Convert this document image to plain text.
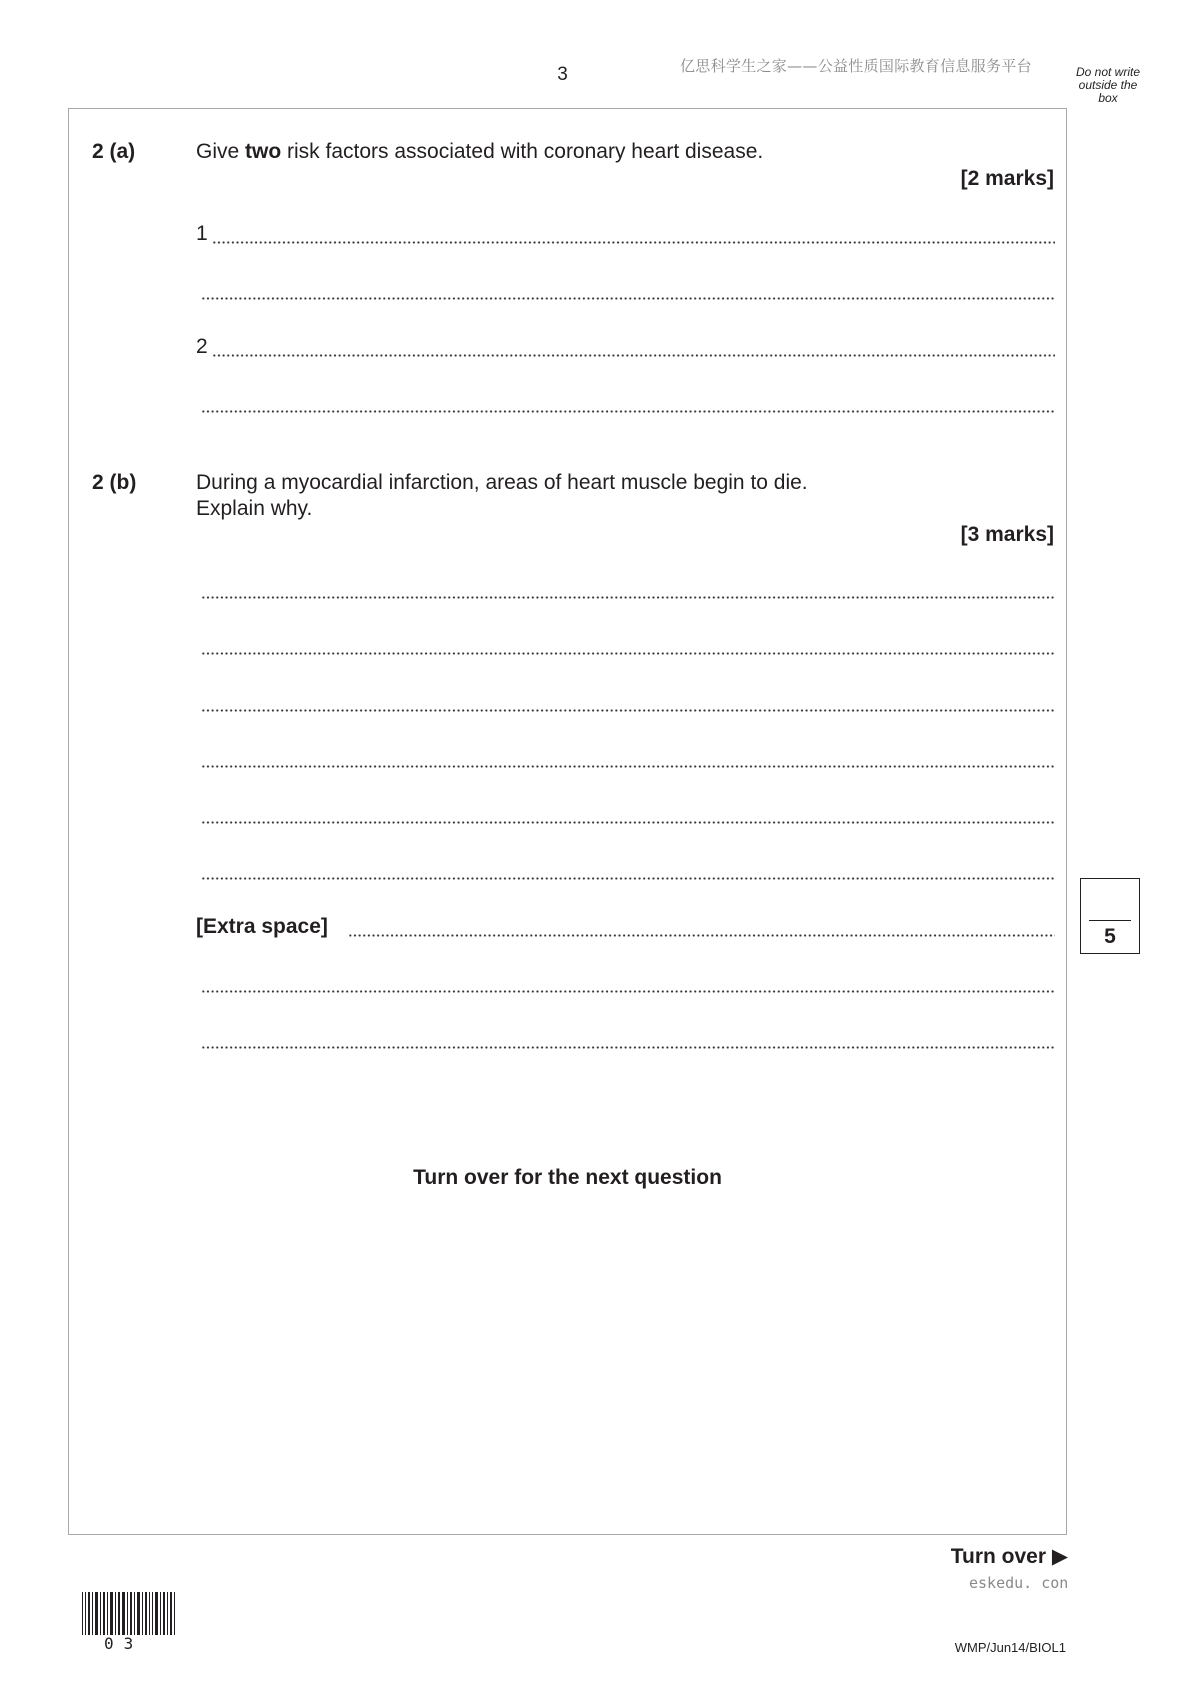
3	亿思科学生之家——公益性质国际教育信息服务平台	Do not write outside the box
2 (a)	Give two risk factors associated with coronary heart disease.
[2 marks]
1
2
2 (b)	During a myocardial infarction, areas of heart muscle begin to die.
Explain why.
[3 marks]
[Extra space]
Turn over for the next question
5
Turn over ▶
eskedu. con
03	WMP/Jun14/BIOL1
